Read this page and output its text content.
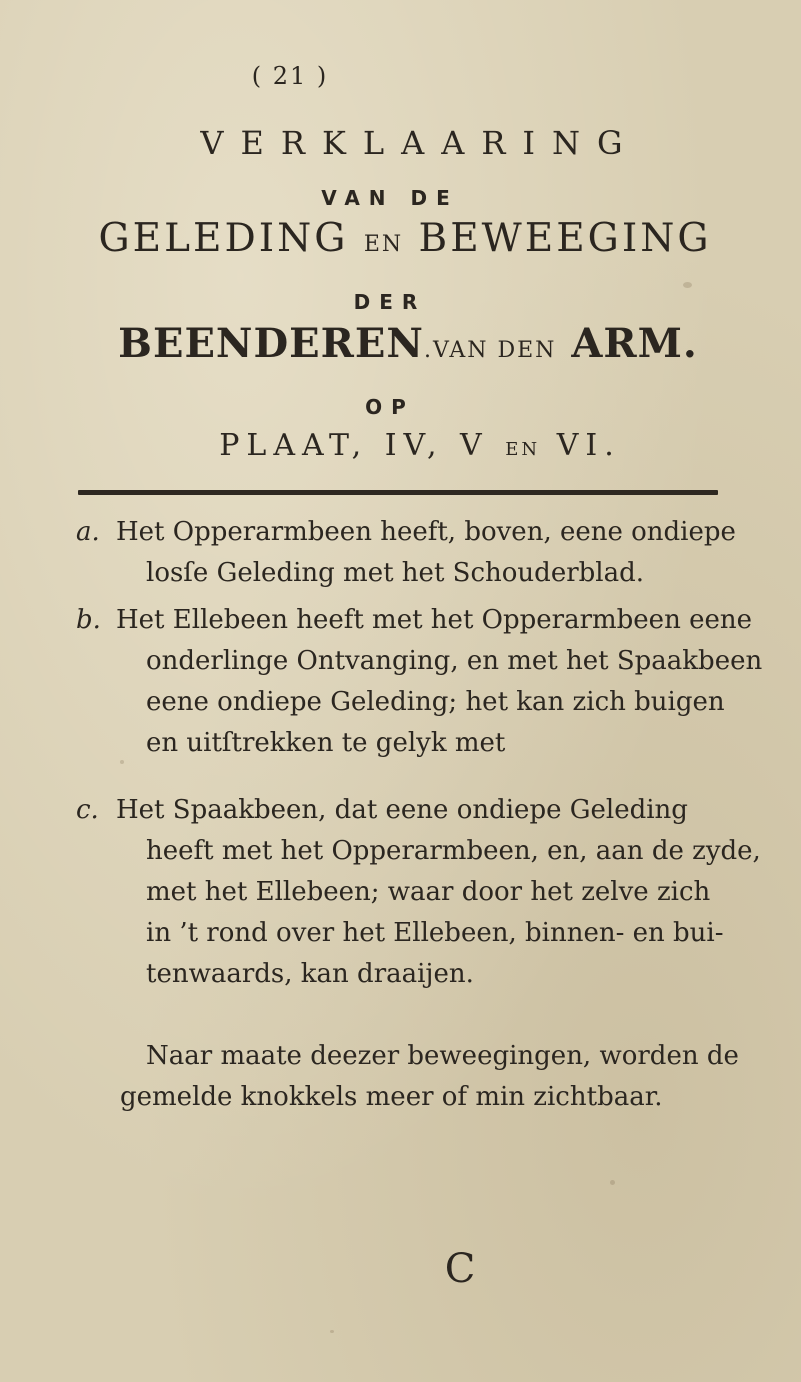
( 21 )
VERKLAARING
VAN DE
GELEDING EN BEWEEGING
DER
BEENDEREN.VAN DEN ARM.
OP
PLAAT, IV, V EN VI.
a. Het Opperarmbeen heeft, boven, eene ondiepe
losſe Geleding met het Schouderblad.
b. Het Ellebeen heeft met het Opperarmbeen eene
onderlinge Ontvanging, en met het Spaakbeen
eene ondiepe Geleding; het kan zich buigen
en uitſtrekken te gelyk met
c. Het Spaakbeen, dat eene ondiepe Geleding
heeft met het Opperarmbeen, en, aan de zyde,
met het Ellebeen; waar door het zelve zich
in ’t rond over het Ellebeen, binnen- en bui-
tenwaards, kan draaijen.
Naar maate deezer beweegingen, worden de
gemelde knokkels meer of min zichtbaar.
C
